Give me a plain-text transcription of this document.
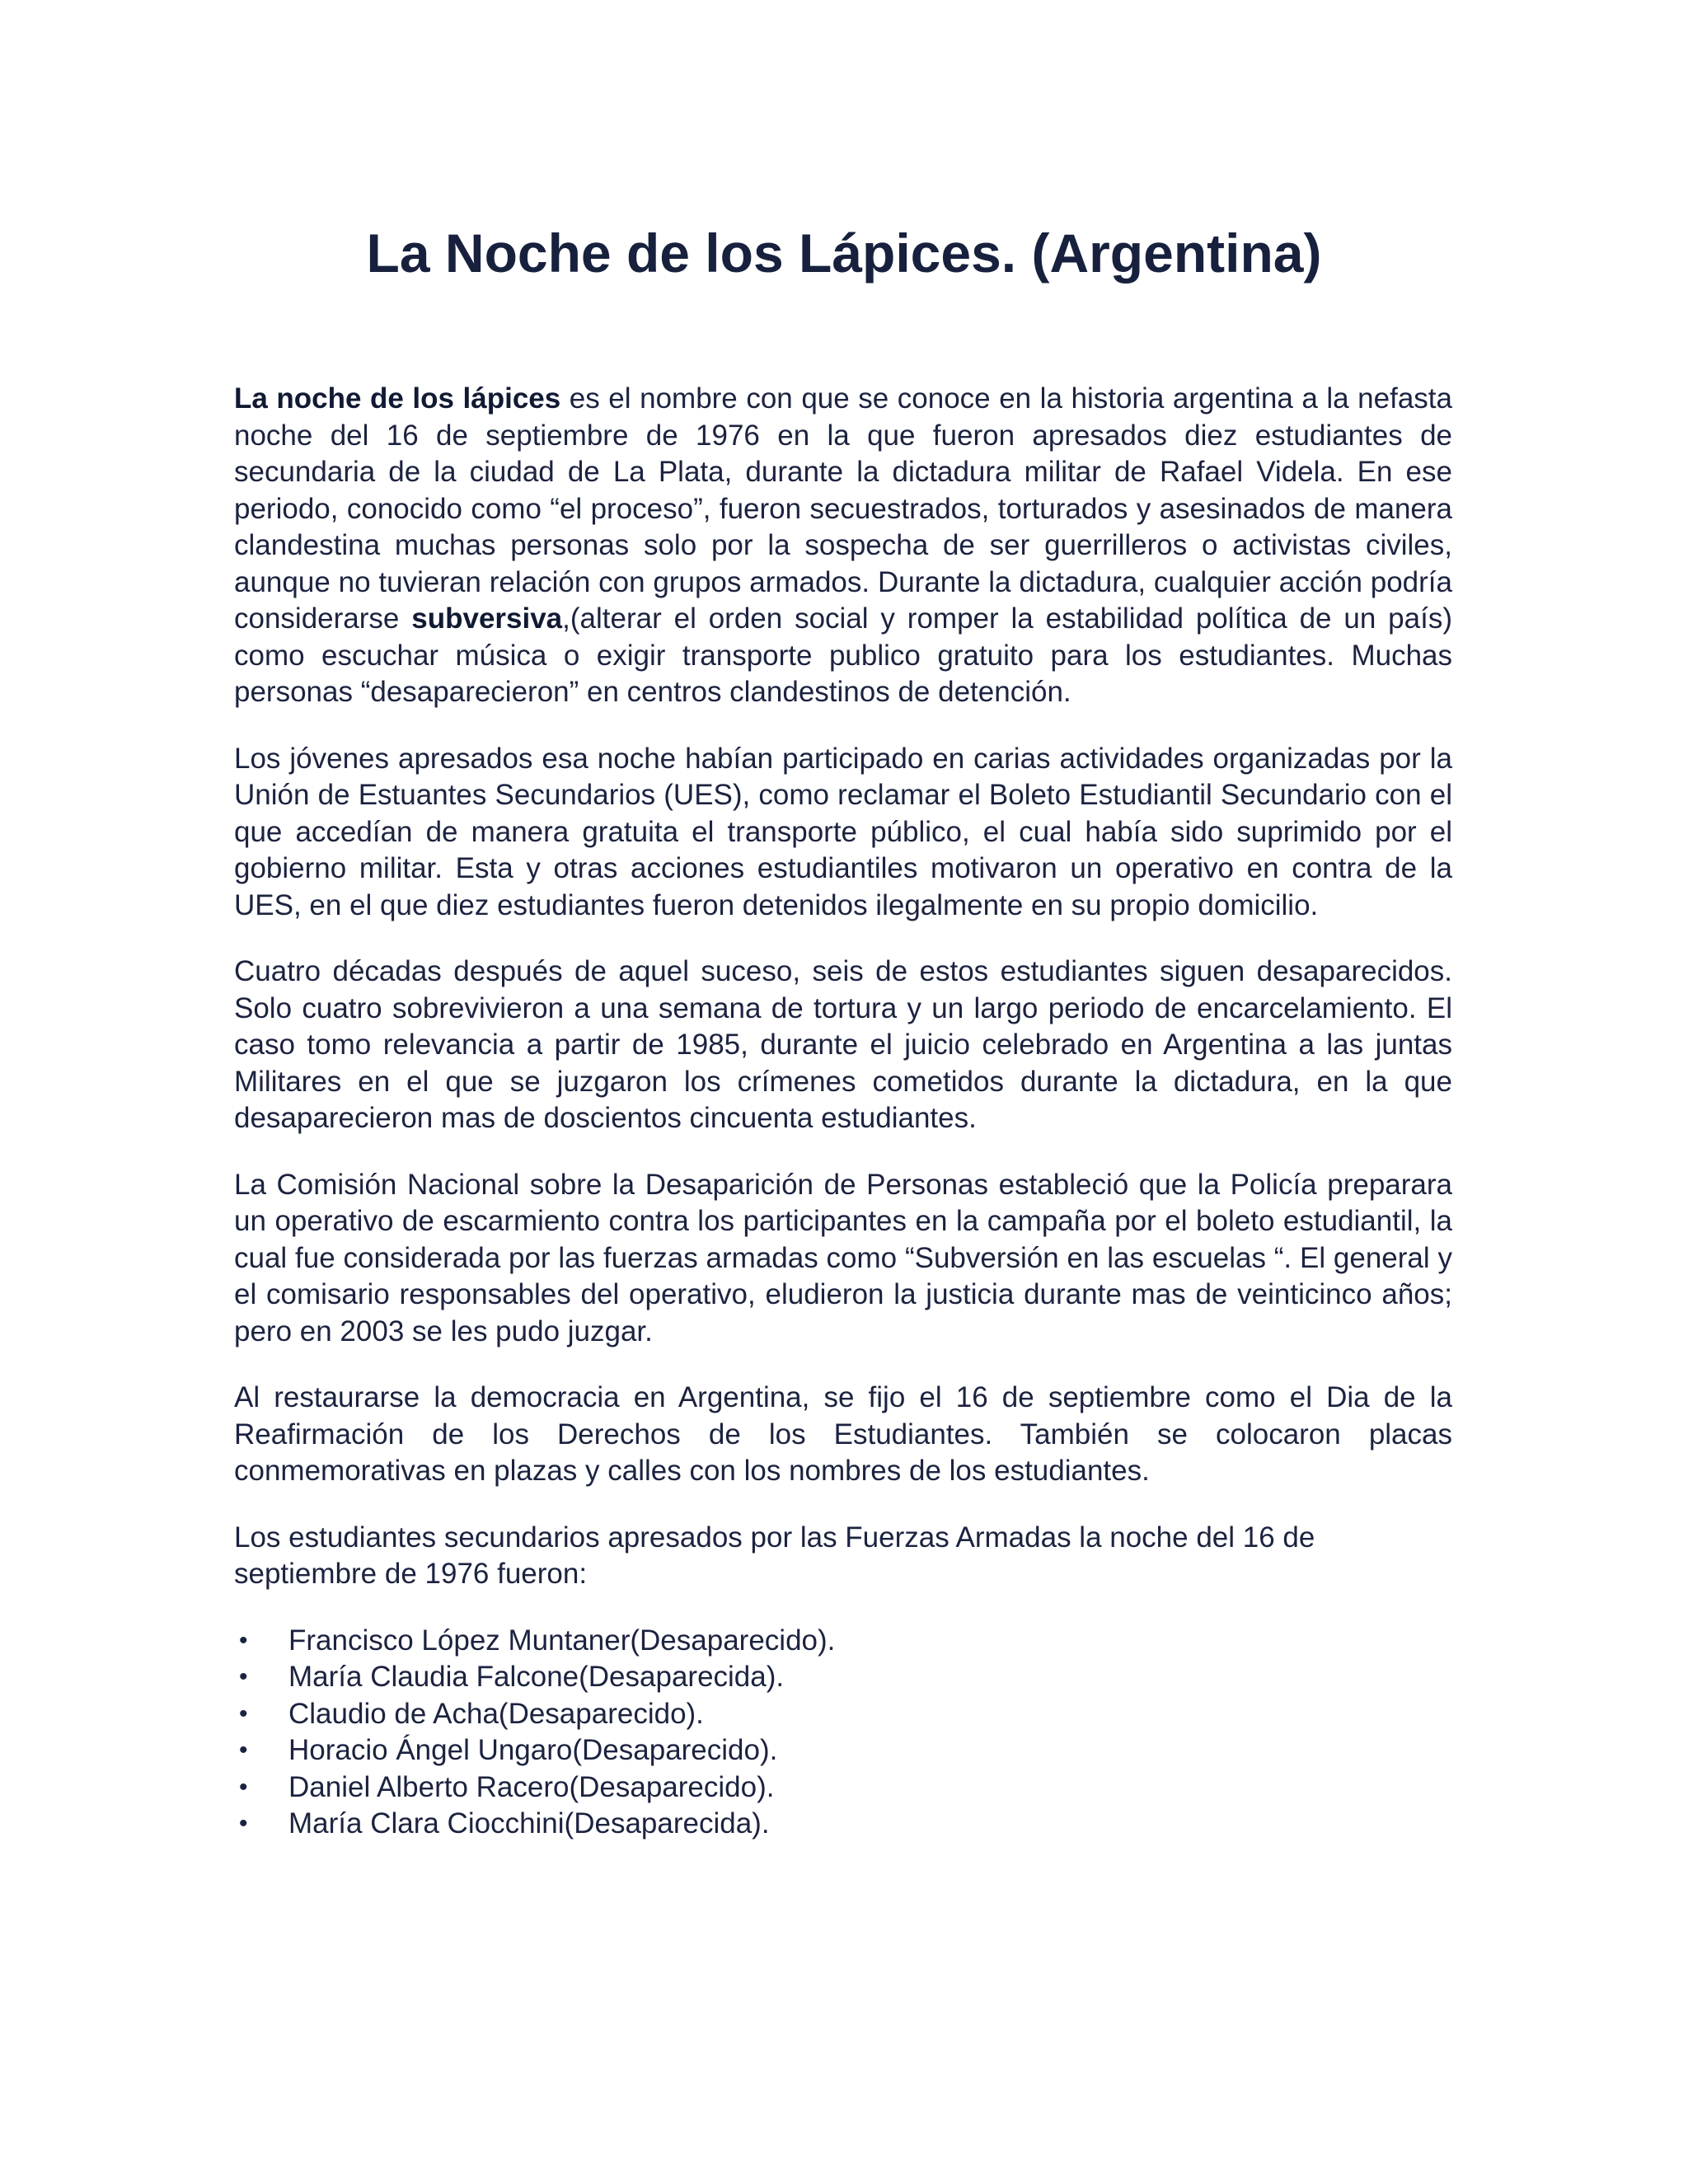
La Noche de los Lápices. (Argentina)

La noche de los lápices es el nombre con que se conoce en la historia argentina a la nefasta noche del 16 de septiembre de 1976 en la que fueron apresados diez estudiantes de secundaria de la ciudad de La Plata, durante la dictadura militar de Rafael Videla. En ese periodo, conocido como “el proceso”, fueron secuestrados, torturados y asesinados de manera clandestina muchas personas solo por la sospecha de ser guerrilleros o activistas civiles, aunque no tuvieran relación con grupos armados. Durante la dictadura, cualquier acción podría considerarse subversiva,(alterar el orden social y romper la estabilidad política de un país) como escuchar música o exigir transporte publico gratuito para los estudiantes. Muchas personas “desaparecieron” en centros clandestinos de detención.

Los jóvenes apresados esa noche habían participado en carias actividades organizadas por la Unión de Estuantes Secundarios (UES), como reclamar el Boleto Estudiantil Secundario con el que accedían de manera gratuita el transporte público, el cual había sido suprimido por el gobierno militar. Esta y otras acciones estudiantiles motivaron un operativo en contra de la UES, en el que diez estudiantes fueron detenidos ilegalmente en su propio domicilio.

Cuatro décadas después de aquel suceso, seis de estos estudiantes siguen desaparecidos. Solo cuatro sobrevivieron a una semana de tortura y un largo periodo de encarcelamiento. El caso tomo relevancia a partir de 1985, durante el juicio celebrado en Argentina a las juntas Militares en el que se juzgaron los crímenes cometidos durante la dictadura, en la que desaparecieron mas de doscientos cincuenta estudiantes.

La Comisión Nacional sobre la Desaparición de Personas estableció que la Policía preparara un operativo de escarmiento contra los participantes en la campaña por el boleto estudiantil, la cual fue considerada por las fuerzas armadas como “Subversión en las escuelas “. El general y el comisario responsables del operativo, eludieron la justicia durante mas de veinticinco años; pero en 2003 se les pudo juzgar.

Al restaurarse la democracia en Argentina, se fijo el 16 de septiembre como el Dia de la Reafirmación de los Derechos de los Estudiantes. También se colocaron placas conmemorativas en plazas y calles con los nombres de los estudiantes.

Los estudiantes secundarios apresados por las Fuerzas Armadas la noche del 16 de septiembre de 1976 fueron:

• Francisco López Muntaner(Desaparecido).
• María Claudia Falcone(Desaparecida).
• Claudio de Acha(Desaparecido).
• Horacio Ángel Ungaro(Desaparecido).
• Daniel Alberto Racero(Desaparecido).
• María Clara Ciocchini(Desaparecida).
